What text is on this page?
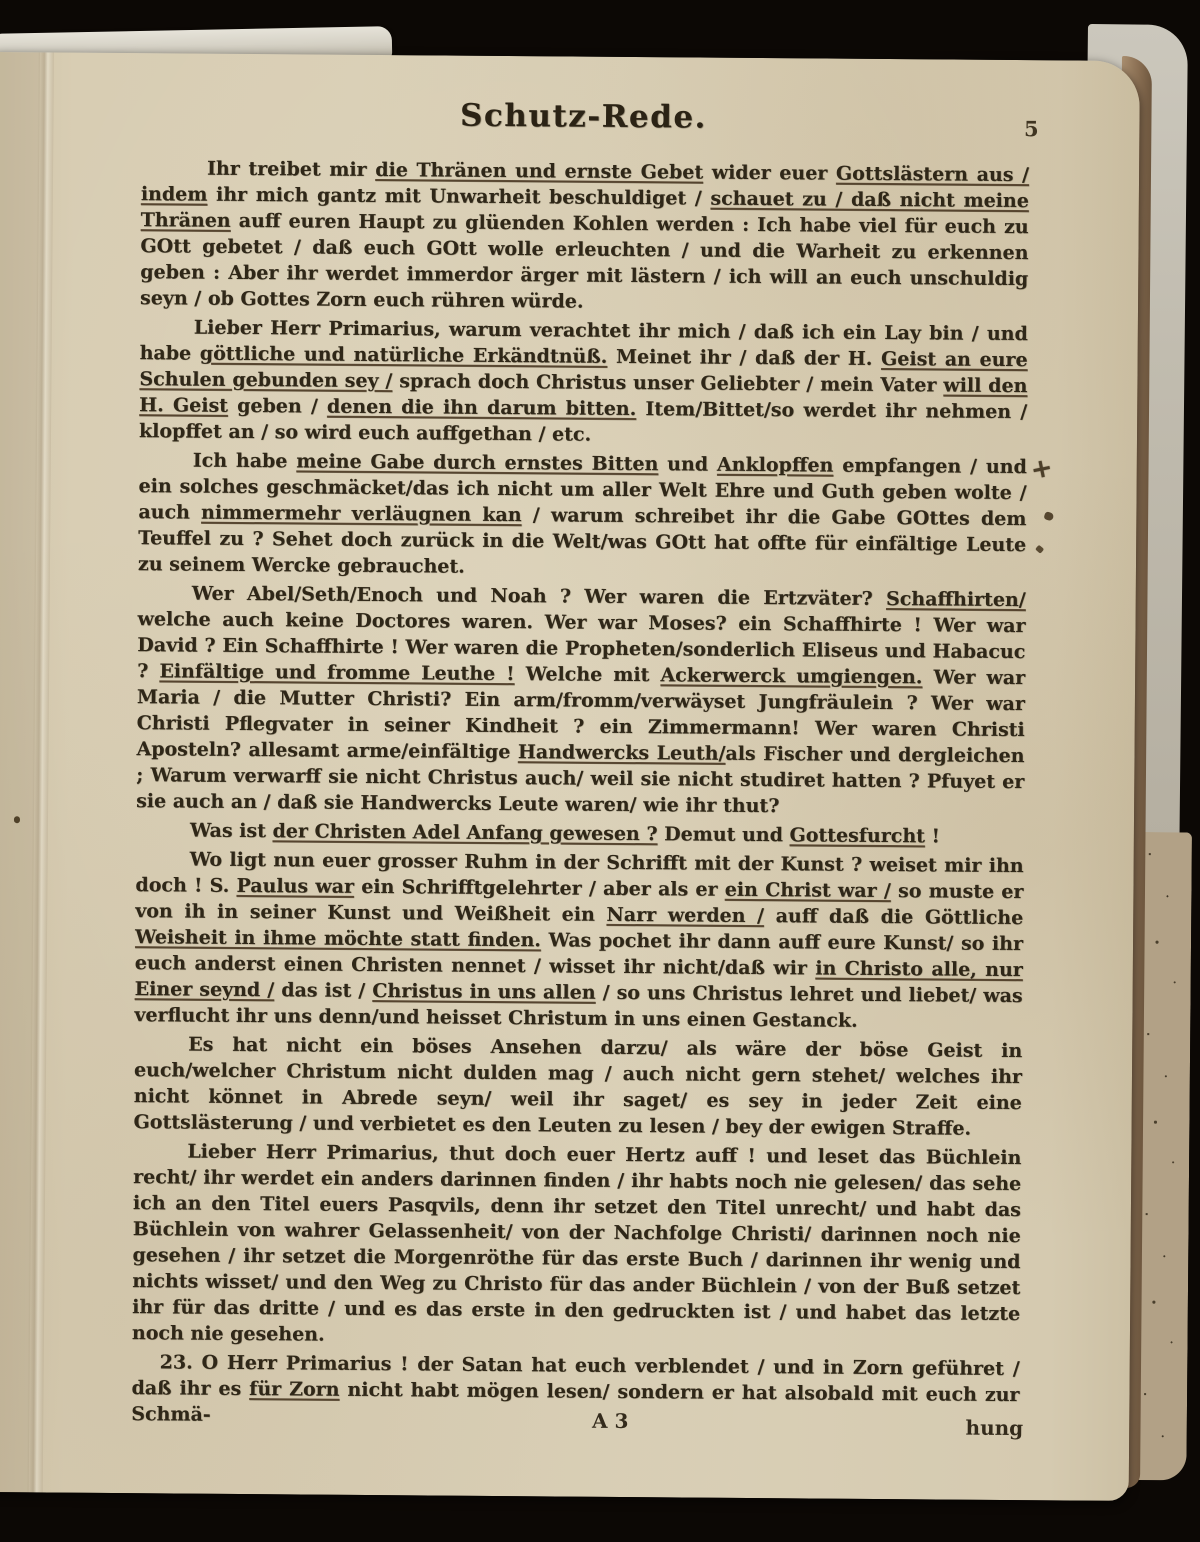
Schutz-Rede.	5

Ihr treibet mir die Thränen und ernste Gebet wider euer Gottslästern aus / indem ihr mich gantz mit Unwarheit beschuldiget / schauet zu / daß nicht meine Thränen auff euren Haupt zu glüenden Kohlen werden : Ich habe viel für euch zu GOtt gebetet / daß euch GOtt wolle erleuchten / und die Warheit zu erkennen geben : Aber ihr werdet immerdor ärger mit lästern / ich will an euch unschuldig seyn / ob Gottes Zorn euch rühren würde.

Lieber Herr Primarius, warum verachtet ihr mich / daß ich ein Lay bin / und habe göttliche und natürliche Erkändtnüß. Meinet ihr / daß der H. Geist an eure Schulen gebunden sey / sprach doch Christus unser Geliebter / mein Vater will den H. Geist geben / denen die ihn darum bitten. Item/Bittet/so werdet ihr nehmen / klopffet an / so wird euch auffgethan / etc.

Ich habe meine Gabe durch ernstes Bitten und Anklopffen empfangen / und ein solches geschmäcket/das ich nicht um aller Welt Ehre und Guth geben wolte / auch nimmermehr verläugnen kan / warum schreibet ihr die Gabe GOttes dem Teuffel zu ? Sehet doch zurück in die Welt/was GOtt hat offte für einfältige Leute zu seinem Wercke gebrauchet.

Wer Abel/Seth/Enoch und Noah ? Wer waren die Ertzväter? Schaffhirten/ welche auch keine Doctores waren. Wer war Moses? ein Schaffhirte ! Wer war David ? Ein Schaffhirte ! Wer waren die Propheten/sonderlich Eliseus und Habacuc ? Einfältige und fromme Leuthe ! Welche mit Ackerwerck umgiengen. Wer war Maria / die Mutter Christi? Ein arm/fromm/verwäyset Jungfräulein ? Wer war Christi Pflegvater in seiner Kindheit ? ein Zimmermann! Wer waren Christi Aposteln? allesamt arme/einfältige Handwercks Leuth/als Fischer und dergleichen ; Warum verwarff sie nicht Christus auch/ weil sie nicht studiret hatten ? Pfuyet er sie auch an / daß sie Handwercks Leute waren/ wie ihr thut?

Was ist der Christen Adel Anfang gewesen ? Demut und Gottesfurcht !

Wo ligt nun euer grosser Ruhm in der Schrifft mit der Kunst ? weiset mir ihn doch ! S. Paulus war ein Schrifftgelehrter / aber als er ein Christ war / so muste er von ih in seiner Kunst und Weißheit ein Narr werden / auff daß die Göttliche Weisheit in ihme möchte statt finden. Was pochet ihr dann auff eure Kunst/ so ihr euch anderst einen Christen nennet / wisset ihr nicht/daß wir in Christo alle, nur Einer seynd / das ist / Christus in uns allen / so uns Christus lehret und liebet/ was verflucht ihr uns denn/und heisset Christum in uns einen Gestanck.

Es hat nicht ein böses Ansehen darzu/ als wäre der böse Geist in euch/welcher Christum nicht dulden mag / auch nicht gern stehet/ welches ihr nicht könnet in Abrede seyn/ weil ihr saget/ es sey in jeder Zeit eine Gottslästerung / und verbietet es den Leuten zu lesen / bey der ewigen Straffe.

Lieber Herr Primarius, thut doch euer Hertz auff ! und leset das Büchlein recht/ ihr werdet ein anders darinnen finden / ihr habts noch nie gelesen/ das sehe ich an den Titel euers Pasqvils, denn ihr setzet den Titel unrecht/ und habt das Büchlein von wahrer Gelassenheit/ von der Nachfolge Christi/ darinnen noch nie gesehen / ihr setzet die Morgenröthe für das erste Buch / darinnen ihr wenig und nichts wisset/ und den Weg zu Christo für das ander Büchlein / von der Buß setzet ihr für das dritte / und es das erste in den gedruckten ist / und habet das letzte noch nie gesehen.

23. O Herr Primarius ! der Satan hat euch verblendet / und in Zorn geführet / daß ihr es für Zorn nicht habt mögen lesen/ sondern er hat alsobald mit euch zur Schmä-	A 3	hung
+
